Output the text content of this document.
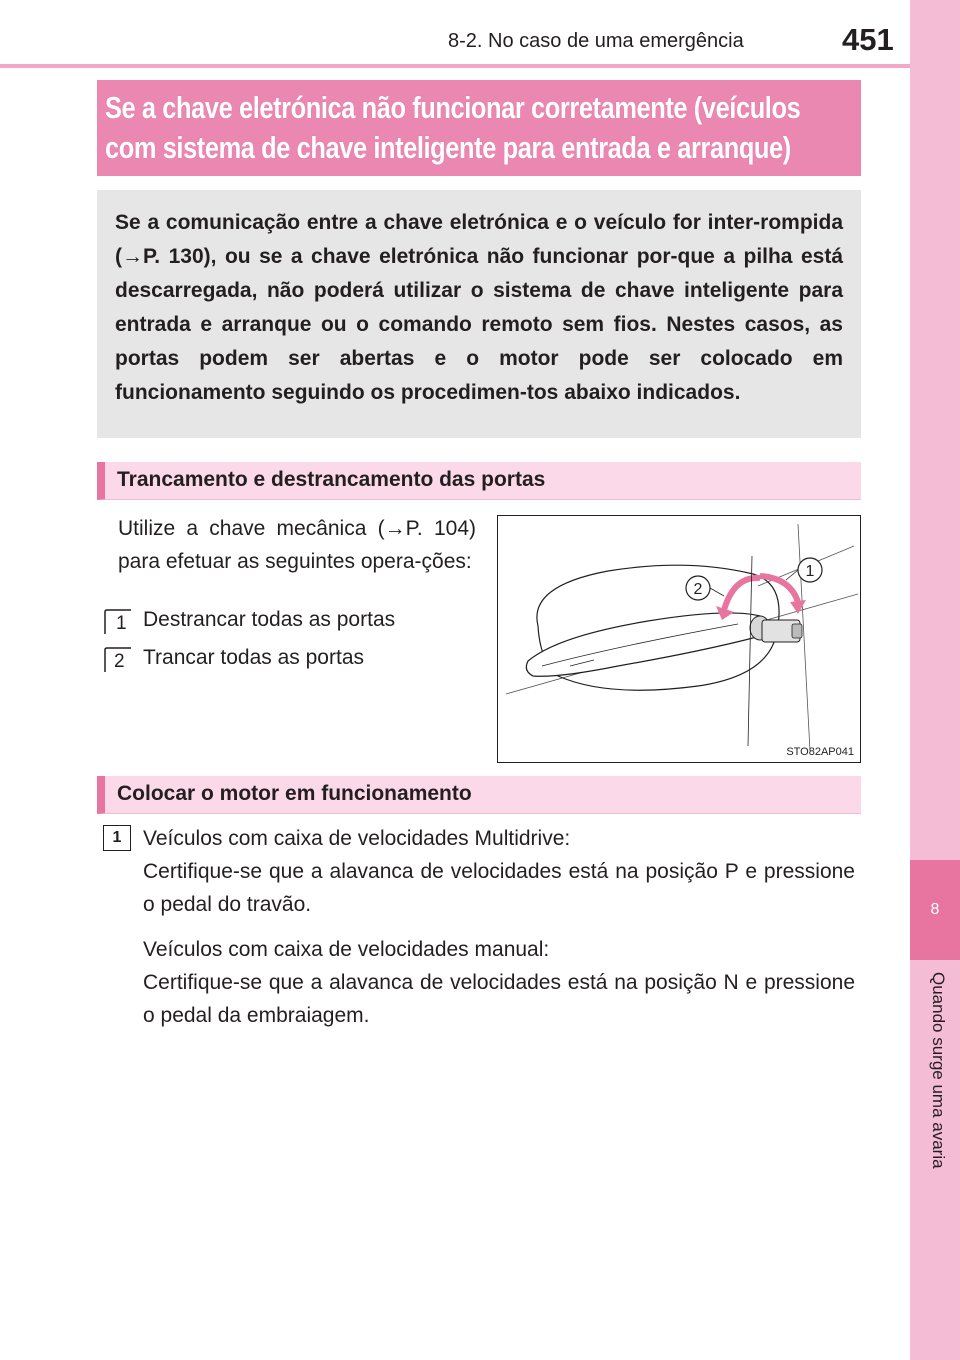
8-2. No caso de uma emergência	451
8
Quando surge uma avaria
Se a chave eletrónica não funcionar corretamente (veículos
com sistema de chave inteligente para entrada e arranque)
Se a comunicação entre a chave eletrónica e o veículo for inter-rompida (→P. 130), ou se a chave eletrónica não funcionar por-que a pilha está descarregada, não poderá utilizar o sistema de chave inteligente para entrada e arranque ou o comando remoto sem fios. Nestes casos, as portas podem ser abertas e o motor pode ser colocado em funcionamento seguindo os procedimen-tos abaixo indicados.
Trancamento e destrancamento das portas
Utilize a chave mecânica (→P. 104) para efetuar as seguintes opera-ções:
1 Destrancar todas as portas
2 Trancar todas as portas
2
1
STO82AP041
Colocar o motor em funcionamento
1	Veículos com caixa de velocidades Multidrive:

Certifique-se que a alavanca de velocidades está na posição P e pressione o pedal do travão.

Veículos com caixa de velocidades manual:

Certifique-se que a alavanca de velocidades está na posição N e pressione o pedal da embraiagem.
